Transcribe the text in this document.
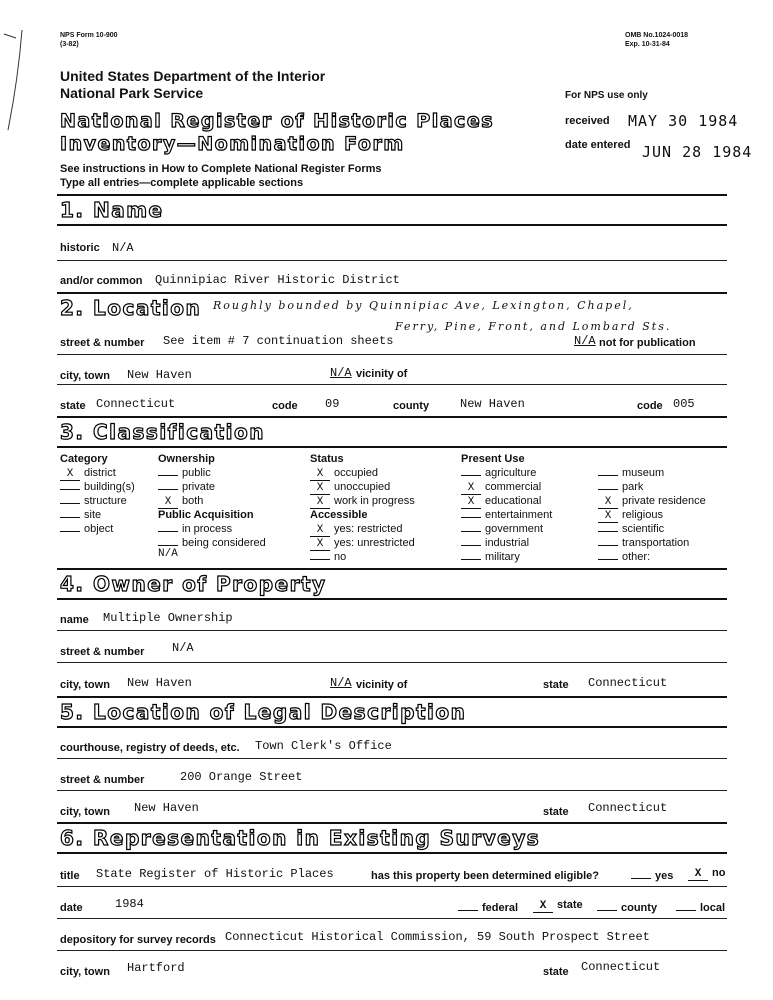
NPS Form 10-900
(3-82)
OMB No.1024-0018
Exp. 10-31-84
United States Department of the Interior
National Park Service
National Register of Historic Places
Inventory—Nomination Form
See instructions in How to Complete National Register Forms
Type all entries—complete applicable sections
For NPS use only
received MAY 30 1984
date entered JUN 28 1984
1. Name
historic N/A
and/or common Quinnipiac River Historic District
2. Location Roughly bounded by Quinnipiac Ave, Lexington, Chapel,
Ferry, Pine, Front, and Lombard Sts.
street & number See item # 7 continuation sheets	N/A not for publication
city, town New Haven	N/A vicinity of
state Connecticut	code 09	county	New Haven	code 005
3. Classification
Category
X district
building(s)
structure
site
object
Ownership
public
private
X both
Public Acquisition
in process
being considered
N/A
Status
X occupied
X unoccupied
X work in progress
Accessible
X yes: restricted
X yes: unrestricted
no
Present Use
agriculture
X commercial
X educational
entertainment
government
industrial
military
museum
park
X private residence
X religious
scientific
transportation
other:
4. Owner of Property
name Multiple Ownership
street & number N/A
city, town New Haven	N/A vicinity of	state Connecticut
5. Location of Legal Description
courthouse, registry of deeds, etc. Town Clerk's Office
street & number	200 Orange Street
city, town New Haven	state Connecticut
6. Representation in Existing Surveys
title State Register of Historic Places	has this property been determined eligible?	yes	X no
date	1984	federal	X state	county	local
depository for survey records Connecticut Historical Commission, 59 South Prospect Street
city, town Hartford	state Connecticut
